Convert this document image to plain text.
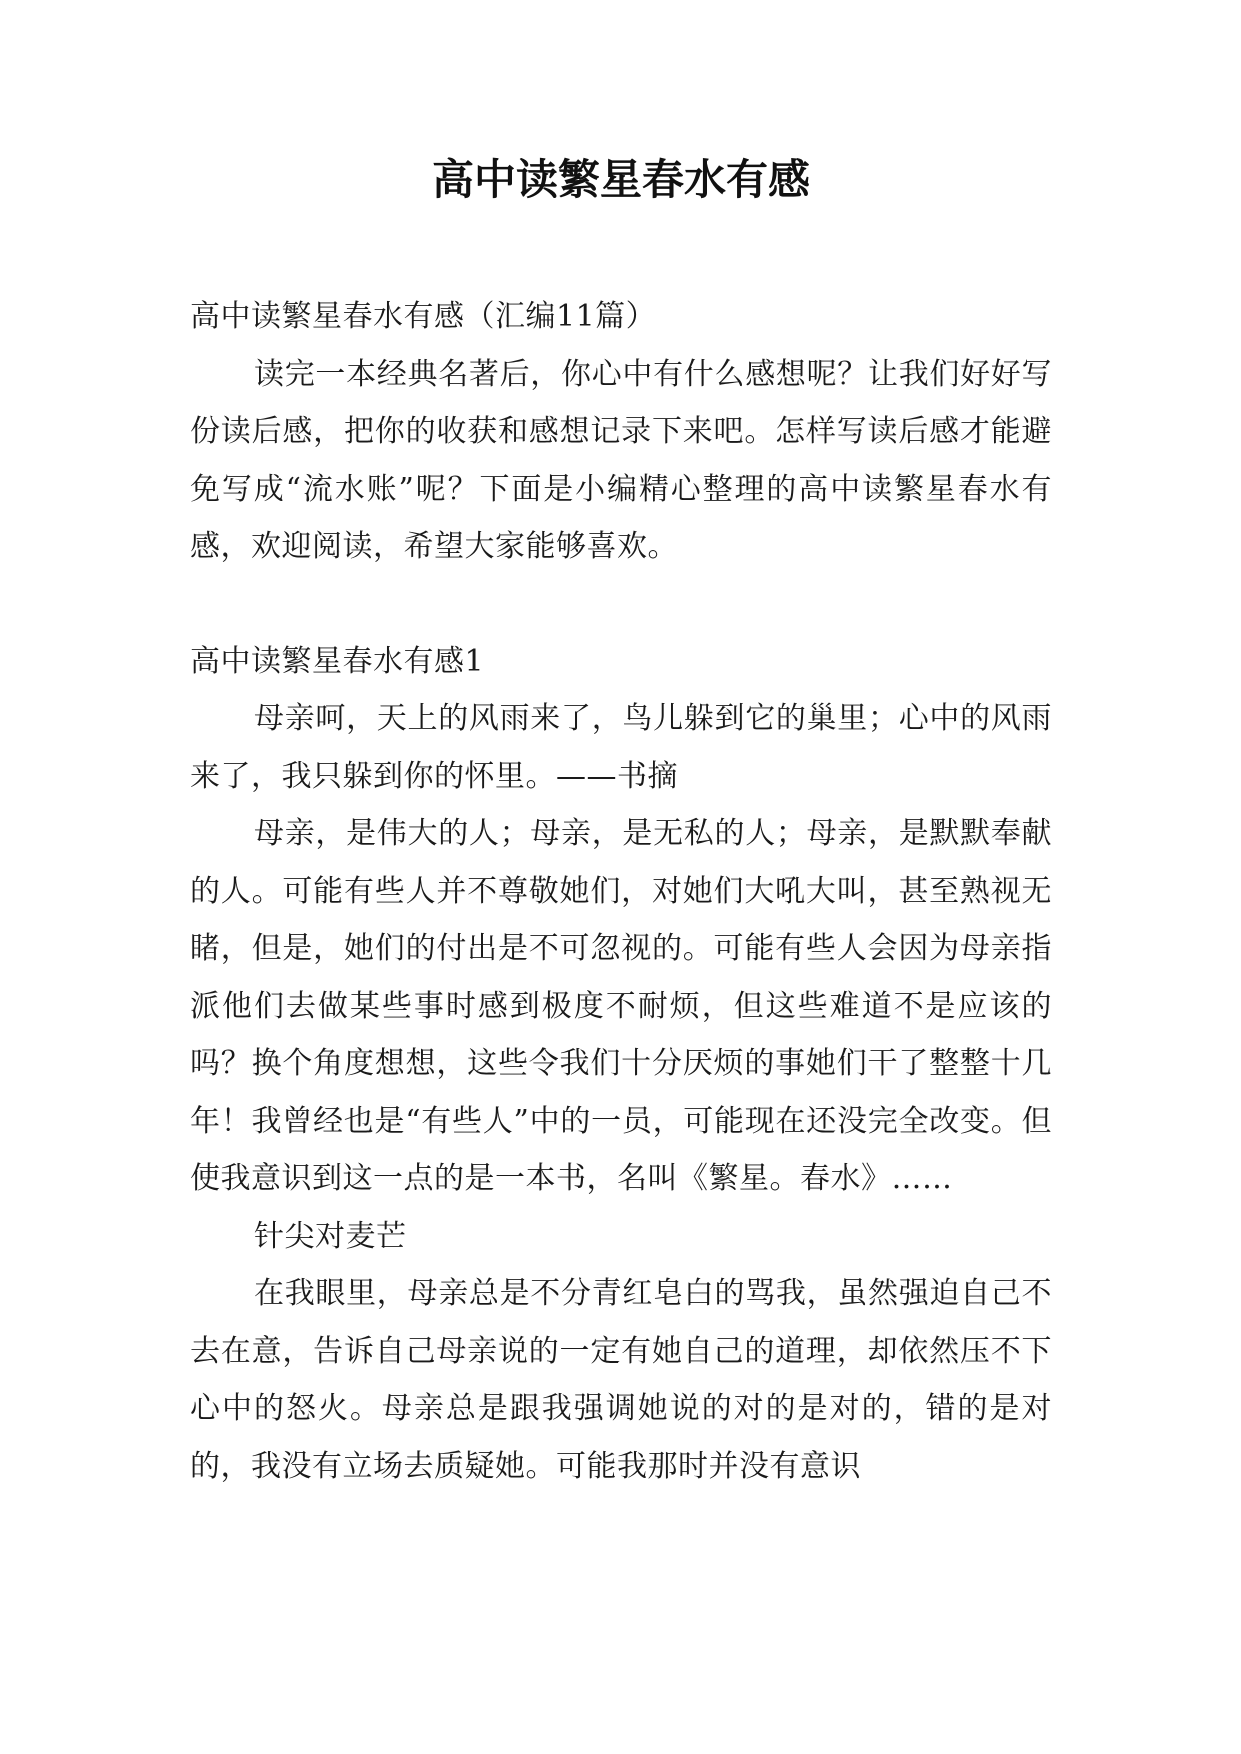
高中读繁星春水有感

高中读繁星春水有感（汇编11篇）

读完一本经典名著后，你心中有什么感想呢？让我们好好写份读后感，把你的收获和感想记录下来吧。怎样写读后感才能避免写成“流水账”呢？下面是小编精心整理的高中读繁星春水有感，欢迎阅读，希望大家能够喜欢。

高中读繁星春水有感1

母亲呵，天上的风雨来了，鸟儿躲到它的巢里；心中的风雨来了，我只躲到你的怀里。——书摘

母亲，是伟大的人；母亲，是无私的人；母亲，是默默奉献的人。可能有些人并不尊敬她们，对她们大吼大叫，甚至熟视无睹，但是，她们的付出是不可忽视的。可能有些人会因为母亲指派他们去做某些事时感到极度不耐烦，但这些难道不是应该的吗？换个角度想想，这些令我们十分厌烦的事她们干了整整十几年！我曾经也是“有些人”中的一员，可能现在还没完全改变。但使我意识到这一点的是一本书，名叫《繁星。春水》……

针尖对麦芒

在我眼里，母亲总是不分青红皂白的骂我，虽然强迫自己不去在意，告诉自己母亲说的一定有她自己的道理，却依然压不下心中的怒火。母亲总是跟我强调她说的对的是对的，错的是对的，我没有立场去质疑她。可能我那时并没有意识
